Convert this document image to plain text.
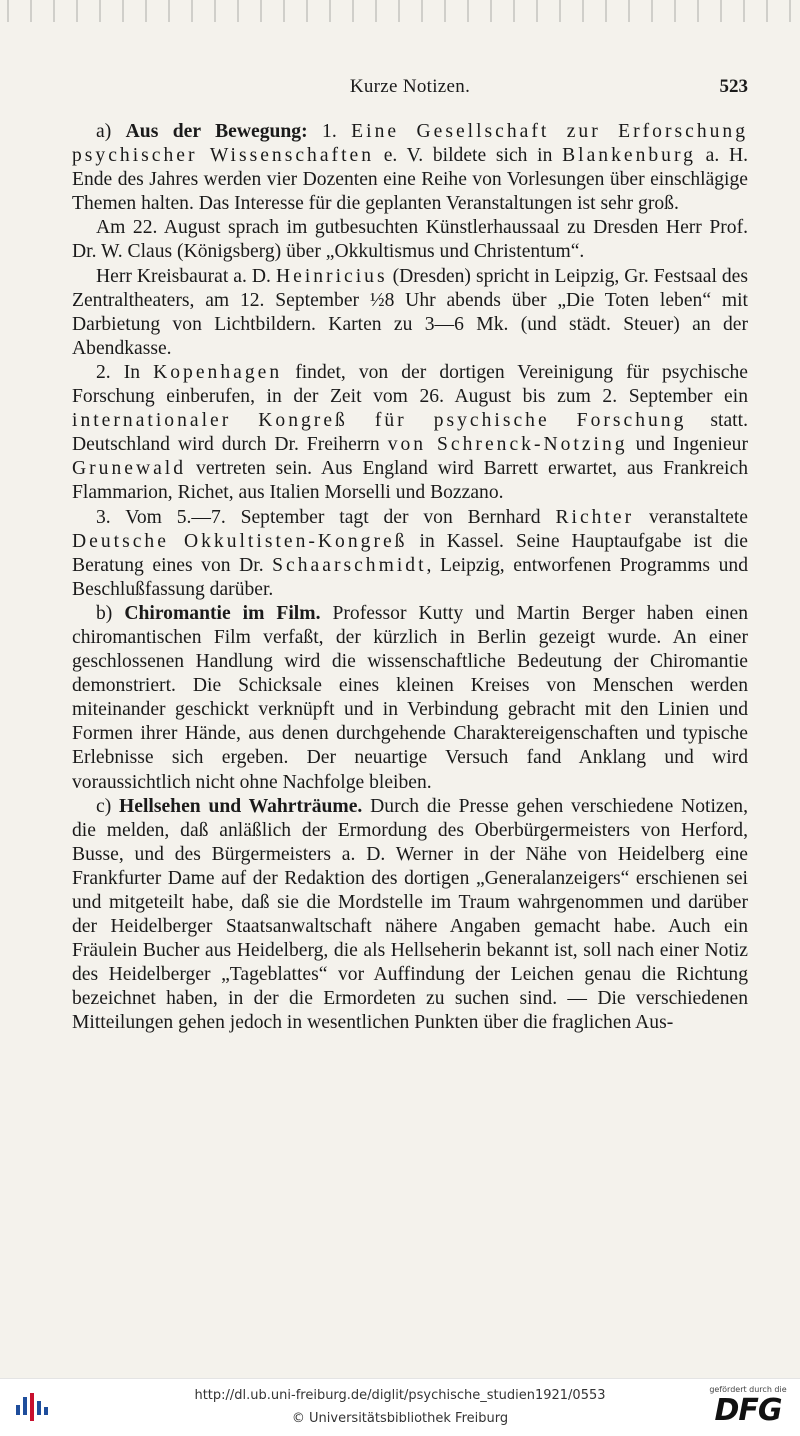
Kurze Notizen.	523

a) Aus der Bewegung: 1. Eine Gesellschaft zur Erforschung psychischer Wissenschaften e. V. bildete sich in Blankenburg a. H. Ende des Jahres werden vier Dozenten eine Reihe von Vorlesungen über einschlägige Themen halten. Das Interesse für die geplanten Veranstaltungen ist sehr groß.

Am 22. August sprach im gutbesuchten Künstlerhaussaal zu Dresden Herr Prof. Dr. W. Claus (Königsberg) über „Okkultismus und Christentum“.

Herr Kreisbaurat a. D. Heinricius (Dresden) spricht in Leipzig, Gr. Festsaal des Zentraltheaters, am 12. September ½8 Uhr abends über „Die Toten leben“ mit Darbietung von Lichtbildern. Karten zu 3—6 Mk. (und städt. Steuer) an der Abendkasse.

2. In Kopenhagen findet, von der dortigen Vereinigung für psychische Forschung einberufen, in der Zeit vom 26. August bis zum 2. September ein internationaler Kongreß für psychische Forschung statt. Deutschland wird durch Dr. Freiherrn von Schrenck-Notzing und Ingenieur Grunewald vertreten sein. Aus England wird Barrett erwartet, aus Frankreich Flammarion, Richet, aus Italien Morselli und Bozzano.

3. Vom 5.—7. September tagt der von Bernhard Richter veranstaltete Deutsche Okkultisten-Kongreß in Kassel. Seine Hauptaufgabe ist die Beratung eines von Dr. Schaarschmidt, Leipzig, entworfenen Programms und Beschlußfassung darüber.

b) Chiromantie im Film. Professor Kutty und Martin Berger haben einen chiromantischen Film verfaßt, der kürzlich in Berlin gezeigt wurde. An einer geschlossenen Handlung wird die wissenschaftliche Bedeutung der Chiromantie demonstriert. Die Schicksale eines kleinen Kreises von Menschen werden miteinander geschickt verknüpft und in Verbindung gebracht mit den Linien und Formen ihrer Hände, aus denen durchgehende Charaktereigenschaften und typische Erlebnisse sich ergeben. Der neuartige Versuch fand Anklang und wird voraussichtlich nicht ohne Nachfolge bleiben.

c) Hellsehen und Wahrträume. Durch die Presse gehen verschiedene Notizen, die melden, daß anläßlich der Ermordung des Oberbürgermeisters von Herford, Busse, und des Bürgermeisters a. D. Werner in der Nähe von Heidelberg eine Frankfurter Dame auf der Redaktion des dortigen „Generalanzeigers“ erschienen sei und mitgeteilt habe, daß sie die Mordstelle im Traum wahrgenommen und darüber der Heidelberger Staatsanwaltschaft nähere Angaben gemacht habe. Auch ein Fräulein Bucher aus Heidelberg, die als Hellseherin bekannt ist, soll nach einer Notiz des Heidelberger „Tageblattes“ vor Auffindung der Leichen genau die Richtung bezeichnet haben, in der die Ermordeten zu suchen sind. — Die verschiedenen Mitteilungen gehen jedoch in wesentlichen Punkten über die fraglichen Aus-

http://dl.ub.uni-freiburg.de/diglit/psychische_studien1921/0553
© Universitätsbibliothek Freiburg
gefördert durch die
DFG
